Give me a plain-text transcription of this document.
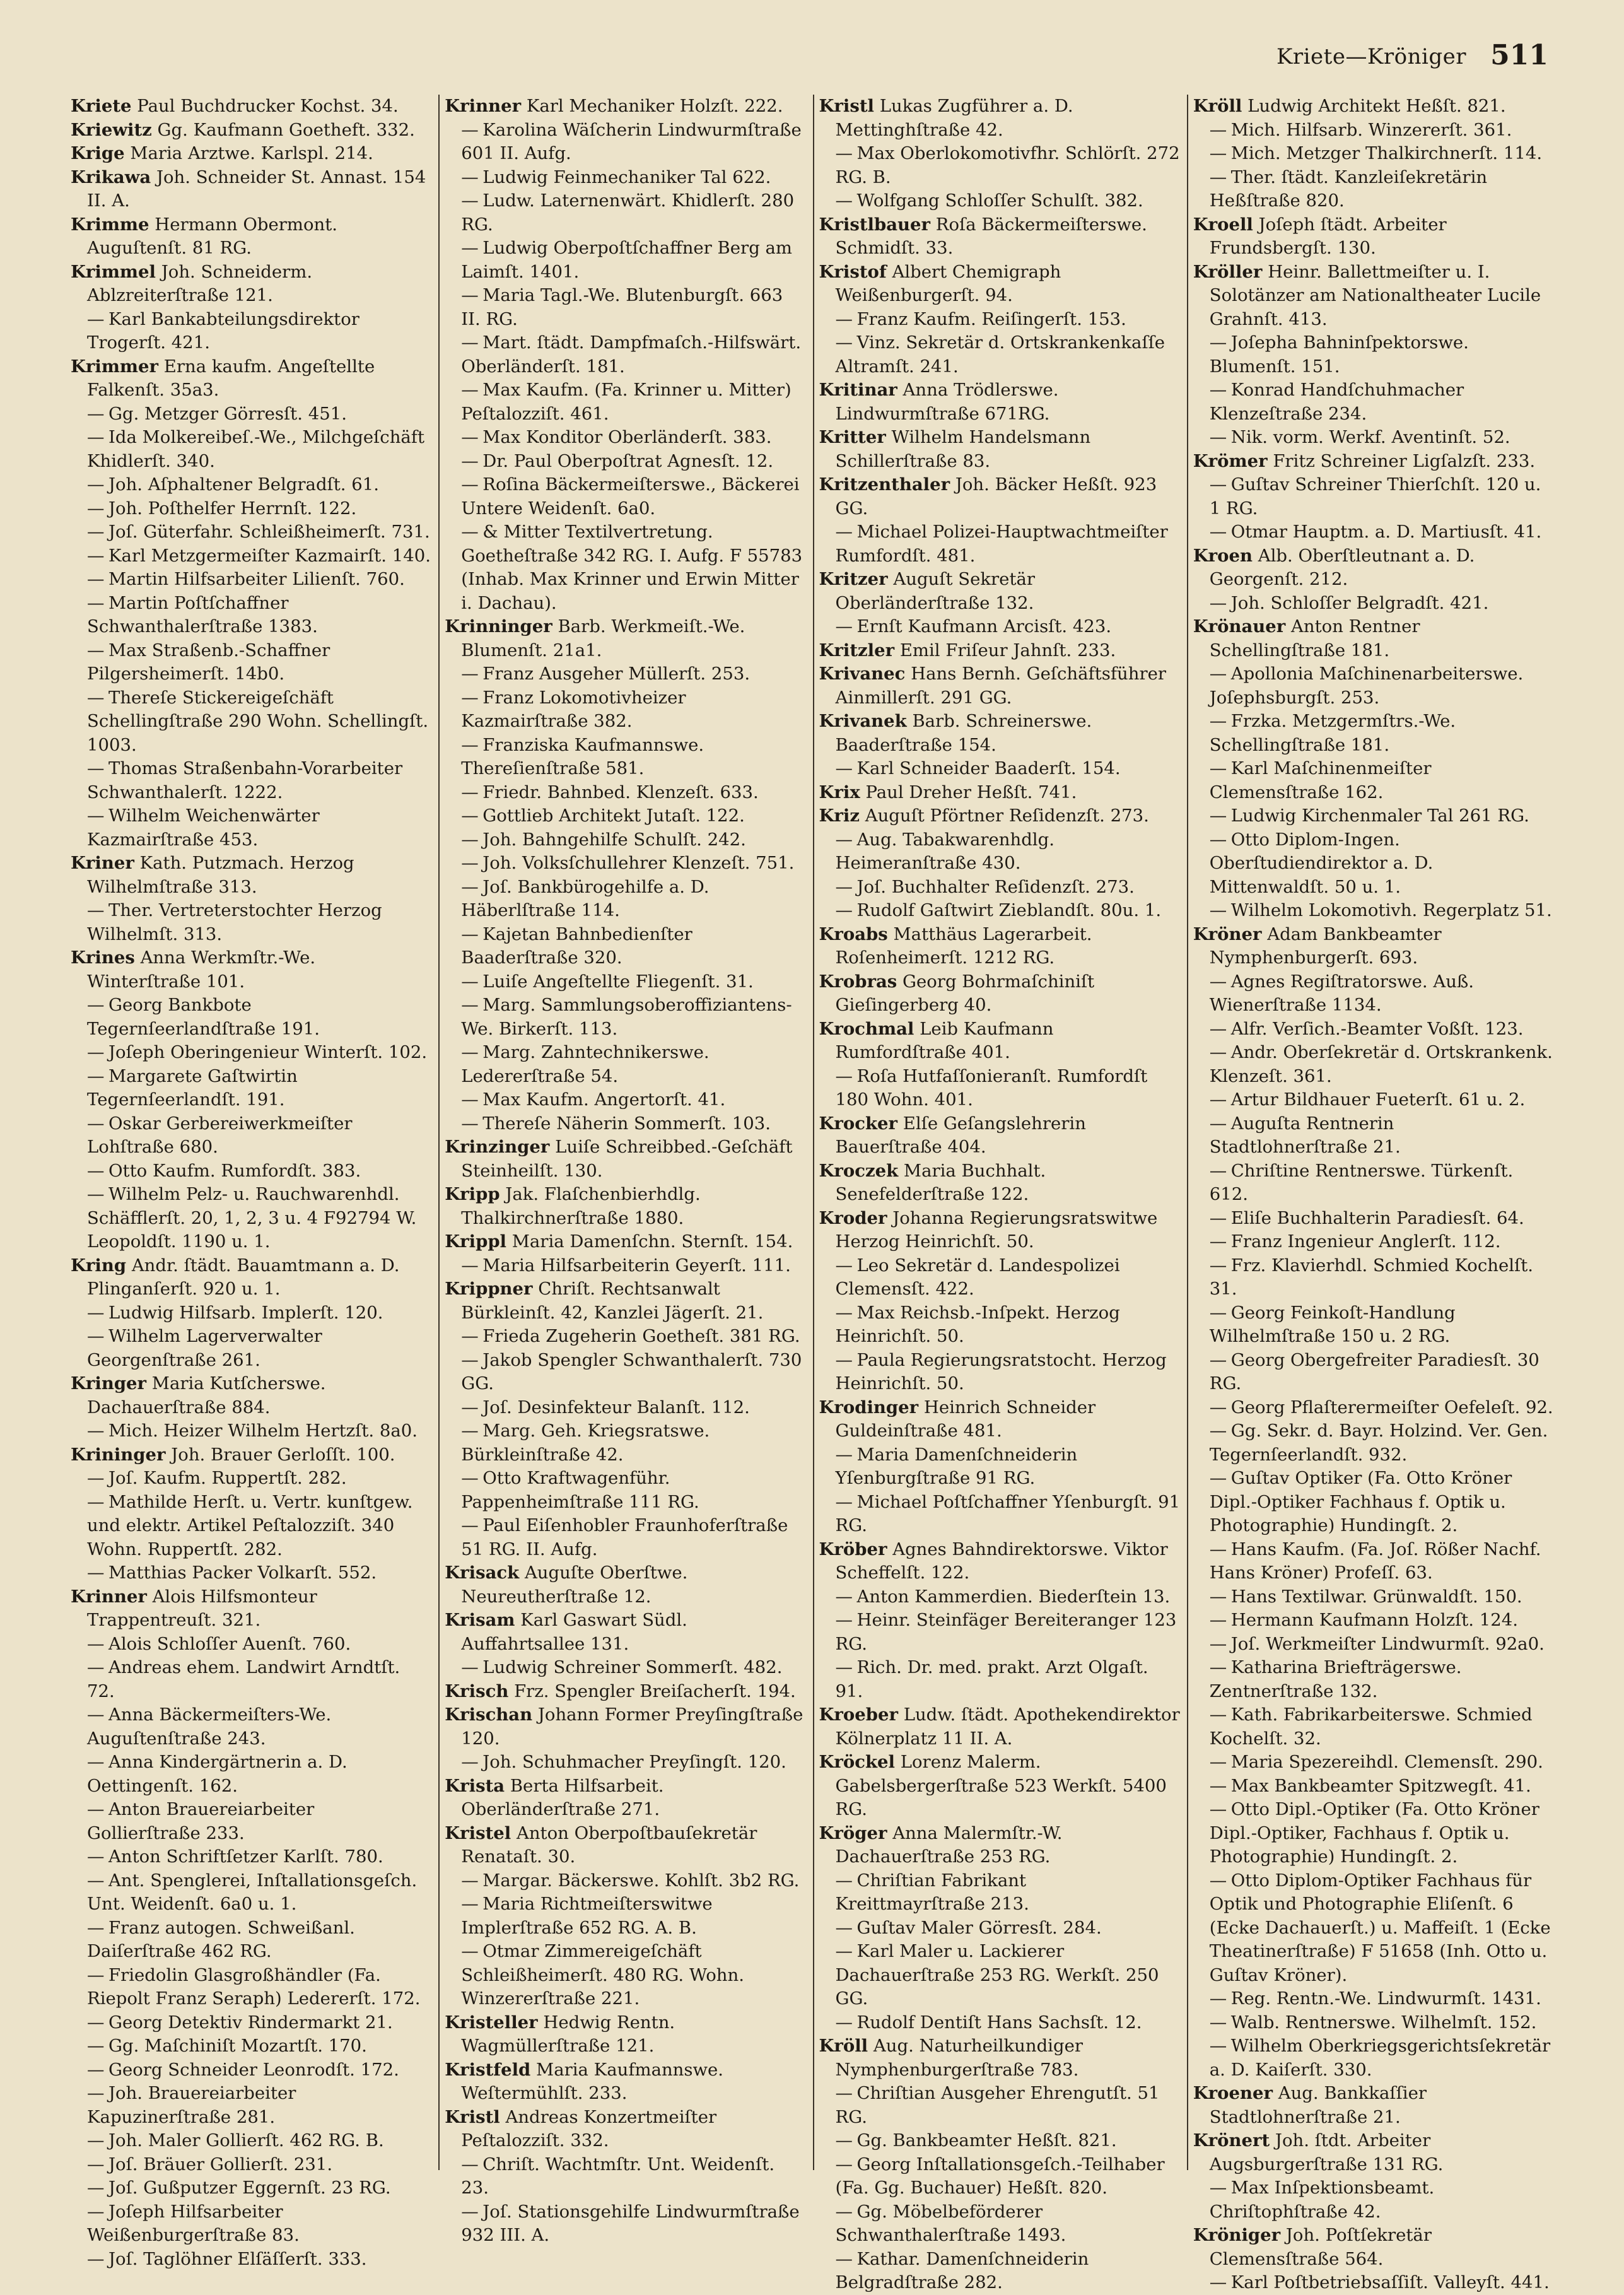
Kriete—Kröniger 511

Kriete Paul Buchdrucker Kochst. 34.

Kriewitz Gg. Kaufmann Goetheft. 332.

Krige Maria Arztwe. Karlspl. 214.

Krikawa Joh. Schneider St. Annast. 154 II. A.

Krimme Hermann Obermont. Auguſtenſt. 81 RG.

Krimmel Joh. Schneiderm. Ablzreiterſtraße 121.

— Karl Bankabteilungsdirektor Trogerſt. 421.

Krimmer Erna kaufm. Angeſtellte Falkenſt. 35a3.

— Gg. Metzger Görresſt. 451.

— Ida Molkereibeſ.-We., Milchgeſchäft Khidlerſt. 340.

— Joh. Aſphaltener Belgradſt. 61.

— Joh. Poſthelfer Herrnſt. 122.

— Joſ. Güterfahr. Schleißheimerſt. 731.

— Karl Metzgermeiſter Kazmairſt. 140.

— Martin Hilfsarbeiter Lilienſt. 760.

— Martin Poſtſchaffner Schwanthalerſtraße 1383.

— Max Straßenb.-Schaffner Pilgersheimerſt. 14b0.

— Thereſe Stickereigeſchäft Schellingſtraße 290 Wohn. Schellingſt. 1003.

— Thomas Straßenbahn-Vorarbeiter Schwanthalerſt. 1222.

— Wilhelm Weichenwärter Kazmairſtraße 453.

Kriner Kath. Putzmach. Herzog Wilhelmſtraße 313.

— Ther. Vertreterstochter Herzog Wilhelmſt. 313.

Krines Anna Werkmſtr.-We. Winterſtraße 101.

— Georg Bankbote Tegernſeerlandſtraße 191.

— Joſeph Oberingenieur Winterſt. 102.

— Margarete Gaſtwirtin Tegernſeerlandſt. 191.

— Oskar Gerbereiwerkmeiſter Lohſtraße 680.

— Otto Kaufm. Rumfordſt. 383.

— Wilhelm Pelz- u. Rauchwarenhdl. Schäfflerſt. 20, 1, 2, 3 u. 4 F92794 W. Leopoldſt. 1190 u. 1.

Kring Andr. ſtädt. Bauamtmann a. D. Plinganſerſt. 920 u. 1.

— Ludwig Hilfsarb. Implerſt. 120.

— Wilhelm Lagerverwalter Georgenſtraße 261.

Kringer Maria Kutſcherswe. Dachauerſtraße 884.

— Mich. Heizer Wilhelm Hertzſt. 8a0.

Krininger Joh. Brauer Gerloſſt. 100.

— Joſ. Kaufm. Ruppertſt. 282.

— Mathilde Herſt. u. Vertr. kunſtgew. und elektr. Artikel Peſtalozziſt. 340 Wohn. Ruppertſt. 282.

— Matthias Packer Volkarſt. 552.

Krinner Alois Hilfsmonteur Trappentreuſt. 321.

— Alois Schloſſer Auenſt. 760.

— Andreas ehem. Landwirt Arndtſt. 72.

— Anna Bäckermeiſters-We. Auguſtenſtraße 243.

— Anna Kindergärtnerin a. D. Oettingenſt. 162.

— Anton Brauereiarbeiter Gollierſtraße 233.

— Anton Schriftſetzer Karlſt. 780.

— Ant. Spenglerei, Inſtallationsgeſch. Unt. Weidenſt. 6a0 u. 1.

— Franz autogen. Schweißanl. Daiſerſtraße 462 RG.

— Friedolin Glasgroßhändler (Fa. Riepolt Franz Seraph) Ledererſt. 172.

— Georg Detektiv Rindermarkt 21.

— Gg. Maſchiniſt Mozartſt. 170.

— Georg Schneider Leonrodſt. 172.

— Joh. Brauereiarbeiter Kapuzinerſtraße 281.

— Joh. Maler Gollierſt. 462 RG. B.

— Joſ. Bräuer Gollierſt. 231.

— Joſ. Gußputzer Eggernſt. 23 RG.

— Joſeph Hilfsarbeiter Weißenburgerſtraße 83.

— Joſ. Taglöhner Elſäſſerſt. 333.

Krinner Karl Mechaniker Holzſt. 222.

— Karolina Wäſcherin Lindwurmſtraße 601 II. Aufg.

— Ludwig Feinmechaniker Tal 622.

— Ludw. Laternenwärt. Khidlerſt. 280 RG.

— Ludwig Oberpoſtſchaffner Berg am Laimſt. 1401.

— Maria Tagl.-We. Blutenburgſt. 663 II. RG.

— Mart. ſtädt. Dampfmaſch.-Hilfswärt. Oberländerſt. 181.

— Max Kaufm. (Fa. Krinner u. Mitter) Peſtalozziſt. 461.

— Max Konditor Oberländerſt. 383.

— Dr. Paul Oberpoſtrat Agnesſt. 12.

— Roſina Bäckermeiſterswe., Bäckerei Untere Weidenſt. 6a0.

— & Mitter Textilvertretung. Goetheſtraße 342 RG. I. Aufg. F 55783 (Inhab. Max Krinner und Erwin Mitter i. Dachau).

Krinninger Barb. Werkmeiſt.-We. Blumenſt. 21a1.

— Franz Ausgeher Müllerſt. 253.

— Franz Lokomotivheizer Kazmairſtraße 382.

— Franziska Kaufmannswe. Thereſienſtraße 581.

— Friedr. Bahnbed. Klenzeſt. 633.

— Gottlieb Architekt Jutaſt. 122.

— Joh. Bahngehilfe Schulſt. 242.

— Joh. Volksſchullehrer Klenzeſt. 751.

— Joſ. Bankbürogehilfe a. D. Häberlſtraße 114.

— Kajetan Bahnbedienſter Baaderſtraße 320.

— Luiſe Angeſtellte Fliegenſt. 31.

— Marg. Sammlungsoberoffiziantens-We. Birkerſt. 113.

— Marg. Zahntechnikerswe. Ledererſtraße 54.

— Max Kaufm. Angertorſt. 41.

— Thereſe Näherin Sommerſt. 103.

Krinzinger Luiſe Schreibbed.-Geſchäft Steinheilſt. 130.

Kripp Jak. Flaſchenbierhdlg. Thalkirchnerſtraße 1880.

Krippl Maria Damenſchn. Sternſt. 154.

— Maria Hilfsarbeiterin Geyerſt. 111.

Krippner Chriſt. Rechtsanwalt Bürkleinſt. 42, Kanzlei Jägerſt. 21.

— Frieda Zugeherin Goetheſt. 381 RG.

— Jakob Spengler Schwanthalerſt. 730 GG.

— Joſ. Desinfekteur Balanſt. 112.

— Marg. Geh. Kriegsratswe. Bürkleinſtraße 42.

— Otto Kraftwagenführ. Pappenheimſtraße 111 RG.

— Paul Eiſenhobler Fraunhoferſtraße 51 RG. II. Aufg.

Krisack Auguſte Oberſtwe. Neureutherſtraße 12.

Krisam Karl Gaswart Südl. Auffahrtsallee 131.

— Ludwig Schreiner Sommerſt. 482.

Krisch Frz. Spengler Breiſacherſt. 194.

Krischan Johann Former Preyſingſtraße 120.

— Joh. Schuhmacher Preyſingſt. 120.

Krista Berta Hilfsarbeit. Oberländerſtraße 271.

Kristel Anton Oberpoſtbauſekretär Renataſt. 30.

— Margar. Bäckerswe. Kohlſt. 3b2 RG.

— Maria Richtmeiſterswitwe Implerſtraße 652 RG. A. B.

— Otmar Zimmereigeſchäft Schleißheimerſt. 480 RG. Wohn. Winzererſtraße 221.

Kristeller Hedwig Rentn. Wagmüllerſtraße 121.

Kristfeld Maria Kaufmannswe. Weſtermühlſt. 233.

Kristl Andreas Konzertmeiſter Peſtalozziſt. 332.

— Chriſt. Wachtmſtr. Unt. Weidenſt. 23.

— Joſ. Stationsgehilfe Lindwurmſtraße 932 III. A.

Kristl Lukas Zugführer a. D. Mettinghſtraße 42.

— Max Oberlokomotivfhr. Schlörſt. 272 RG. B.

— Wolfgang Schloſſer Schulſt. 382.

Kristlbauer Roſa Bäckermeiſterswe. Schmidſt. 33.

Kristof Albert Chemigraph Weißenburgerſt. 94.

— Franz Kaufm. Reiſingerſt. 153.

— Vinz. Sekretär d. Ortskrankenkaſſe Altramſt. 241.

Kritinar Anna Trödlerswe. Lindwurmſtraße 671RG.

Kritter Wilhelm Handelsmann Schillerſtraße 83.

Kritzenthaler Joh. Bäcker Heßſt. 923 GG.

— Michael Polizei-Hauptwachtmeiſter Rumfordſt. 481.

Kritzer Auguſt Sekretär Oberländerſtraße 132.

— Ernſt Kaufmann Arcisſt. 423.

Kritzler Emil Friſeur Jahnſt. 233.

Krivanec Hans Bernh. Geſchäftsführer Ainmillerſt. 291 GG.

Krivanek Barb. Schreinerswe. Baaderſtraße 154.

— Karl Schneider Baaderſt. 154.

Krix Paul Dreher Heßſt. 741.

Kriz Auguſt Pförtner Reſidenzſt. 273.

— Aug. Tabakwarenhdlg. Heimeranſtraße 430.

— Joſ. Buchhalter Reſidenzſt. 273.

— Rudolf Gaſtwirt Zieblandſt. 80u. 1.

Kroabs Matthäus Lagerarbeit. Roſenheimerſt. 1212 RG.

Krobras Georg Bohrmaſchiniſt Gieſingerberg 40.

Krochmal Leib Kaufmann Rumfordſtraße 401.

— Roſa Hutfaſſonieranſt. Rumfordſt 180 Wohn. 401.

Krocker Elſe Geſangslehrerin Bauerſtraße 404.

Kroczek Maria Buchhalt. Senefelderſtraße 122.

Kroder Johanna Regierungsratswitwe Herzog Heinrichſt. 50.

— Leo Sekretär d. Landespolizei Clemensſt. 422.

— Max Reichsb.-Inſpekt. Herzog Heinrichſt. 50.

— Paula Regierungsratstocht. Herzog Heinrichſt. 50.

Krodinger Heinrich Schneider Guldeinſtraße 481.

— Maria Damenſchneiderin Yſenburgſtraße 91 RG.

— Michael Poſtſchaffner Yſenburgſt. 91 RG.

Kröber Agnes Bahndirektorswe. Viktor Scheffelſt. 122.

— Anton Kammerdien. Biederſtein 13.

— Heinr. Steinfäger Bereiteranger 123 RG.

— Rich. Dr. med. prakt. Arzt Olgaſt. 91.

Kroeber Ludw. ſtädt. Apothekendirektor Kölnerplatz 11 II. A.

Kröckel Lorenz Malerm. Gabelsbergerſtraße 523 Werkſt. 5400 RG.

Kröger Anna Malermſtr.-W. Dachauerſtraße 253 RG.

— Chriſtian Fabrikant Kreittmayrſtraße 213.

— Guſtav Maler Görresſt. 284.

— Karl Maler u. Lackierer Dachauerſtraße 253 RG. Werkſt. 250 GG.

— Rudolf Dentiſt Hans Sachsſt. 12.

Kröll Aug. Naturheilkundiger Nymphenburgerſtraße 783.

— Chriſtian Ausgeher Ehrengutſt. 51 RG.

— Gg. Bankbeamter Heßſt. 821.

— Georg Inſtallationsgeſch.-Teilhaber (Fa. Gg. Buchauer) Heßſt. 820.

— Gg. Möbelbeförderer Schwanthalerſtraße 1493.

— Kathar. Damenſchneiderin Belgradſtraße 282.

Kröll Ludwig Architekt Heßſt. 821.

— Mich. Hilfsarb. Winzererſt. 361.

— Mich. Metzger Thalkirchnerſt. 114.

— Ther. ſtädt. Kanzleiſekretärin Heßſtraße 820.

Kroell Joſeph ſtädt. Arbeiter Frundsbergſt. 130.

Kröller Heinr. Ballettmeiſter u. I. Solotänzer am Nationaltheater Lucile Grahnſt. 413.

— Joſepha Bahninſpektorswe. Blumenſt. 151.

— Konrad Handſchuhmacher Klenzeſtraße 234.

— Nik. vorm. Werkf. Aventinſt. 52.

Krömer Fritz Schreiner Ligſalzſt. 233.

— Guſtav Schreiner Thierſchſt. 120 u. 1 RG.

— Otmar Hauptm. a. D. Martiusſt. 41.

Kroen Alb. Oberſtleutnant a. D. Georgenſt. 212.

— Joh. Schloſſer Belgradſt. 421.

Krönauer Anton Rentner Schellingſtraße 181.

— Apollonia Maſchinenarbeiterswe. Joſephsburgſt. 253.

— Frzka. Metzgermſtrs.-We. Schellingſtraße 181.

— Karl Maſchinenmeiſter Clemensſtraße 162.

— Ludwig Kirchenmaler Tal 261 RG.

— Otto Diplom-Ingen. Oberſtudiendirektor a. D. Mittenwaldſt. 50 u. 1.

— Wilhelm Lokomotivh. Regerplatz 51.

Kröner Adam Bankbeamter Nymphenburgerſt. 693.

— Agnes Regiſtratorswe. Auß. Wienerſtraße 1134.

— Alfr. Verſich.-Beamter Voßſt. 123.

— Andr. Oberſekretär d. Ortskrankenk. Klenzeſt. 361.

— Artur Bildhauer Fueterſt. 61 u. 2.

— Auguſta Rentnerin Stadtlohnerſtraße 21.

— Chriſtine Rentnerswe. Türkenſt. 612.

— Eliſe Buchhalterin Paradiesſt. 64.

— Franz Ingenieur Anglerſt. 112.

— Frz. Klavierhdl. Schmied Kochelſt. 31.

— Georg Feinkoſt-Handlung Wilhelmſtraße 150 u. 2 RG.

— Georg Obergefreiter Paradiesſt. 30 RG.

— Georg Pflaſterermeiſter Oefeleſt. 92.

— Gg. Sekr. d. Bayr. Holzind. Ver. Gen. Tegernſeerlandſt. 932.

— Guſtav Optiker (Fa. Otto Kröner Dipl.-Optiker Fachhaus f. Optik u. Photographie) Hundingſt. 2.

— Hans Kaufm. (Fa. Joſ. Rößer Nachf. Hans Kröner) Profeſſ. 63.

— Hans Textilwar. Grünwaldſt. 150.

— Hermann Kaufmann Holzſt. 124.

— Joſ. Werkmeiſter Lindwurmſt. 92a0.

— Katharina Briefträgerswe. Zentnerſtraße 132.

— Kath. Fabrikarbeiterswe. Schmied Kochelſt. 32.

— Maria Spezereihdl. Clemensſt. 290.

— Max Bankbeamter Spitzwegſt. 41.

— Otto Dipl.-Optiker (Fa. Otto Kröner Dipl.-Optiker, Fachhaus f. Optik u. Photographie) Hundingſt. 2.

— Otto Diplom-Optiker Fachhaus für Optik und Photographie Eliſenſt. 6 (Ecke Dachauerſt.) u. Maffeiſt. 1 (Ecke Theatinerſtraße) F 51658 (Inh. Otto u. Guſtav Kröner).

— Reg. Rentn.-We. Lindwurmſt. 1431.

— Walb. Rentnerswe. Wilhelmſt. 152.

— Wilhelm Oberkriegsgerichtsſekretär a. D. Kaiſerſt. 330.

Kroener Aug. Bankkaſſier Stadtlohnerſtraße 21.

Krönert Joh. ſtdt. Arbeiter Augsburgerſtraße 131 RG.

— Max Inſpektionsbeamt. Chriſtophſtraße 42.

Kröniger Joh. Poſtſekretär Clemensſtraße 564.

— Karl Poſtbetriebsaſſiſt. Valleyſt. 441.
